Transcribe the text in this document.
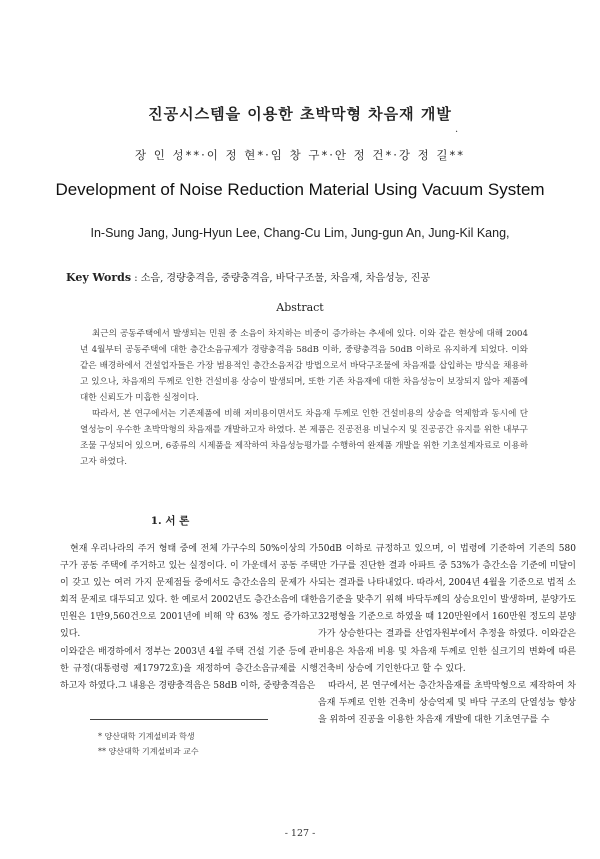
진공시스템을 이용한 초박막형 차음재 개발
·
장 인 성**·이 정 현*·임 창 구*·안 정 건*·강 정 길**
Development of Noise Reduction Material Using Vacuum System
In-Sung Jang, Jung-Hyun Lee, Chang-Cu Lim, Jung-gun An, Jung-Kil Kang,
Key Words : 소음, 경량충격음, 중량충격음, 바닥구조물, 차음재, 차음성능, 진공
Abstract

최근의 공동주택에서 발생되는 민원 중 소음이 차지하는 비중이 증가하는 추세에 있다. 이와 같은 현상에 대해 2004년 4월부터 공동주택에 대한 층간소음규제가 경량충격음 58dB 이하, 중량충격음 50dB 이하로 유지하게 되었다. 이와같은 배경하에서 건설업자들은 가장 범용적인 층간소음저감 방법으로서 바닥구조물에 차음재를 삽입하는 방식을 채용하고 있으나, 차음재의 두께로 인한 건설비용 상승이 발생되며, 또한 기존 차음재에 대한 차음성능이 보장되지 않아 제품에 대한 신뢰도가 미흡한 실정이다.

따라서, 본 연구에서는 기존제품에 비해 저비용이면서도 차음재 두께로 인한 건설비용의 상승을 억제함과 동시에 단열성능이 우수한 초박막형의 차음재를 개발하고자 하였다. 본 제품은 진공전용 비닐수지 및 진공공간 유지를 위한 내부구조물 구성되어 있으며, 6종류의 시제품을 제작하여 차음성능평가를 수행하여 완제품 개발을 위한 기초설계자료로 이용하고자 하였다.

1. 서 론

현재 우리나라의 주거 형태 중에 전체 가구수의 50%이상의 가구가 공동 주택에 주거하고 있는 실정이다. 이 가운데서 공동 주택이 갖고 있는 여러 가지 문제점들 중에서도 층간소음의 문제가 사회적 문제로 대두되고 있다. 한 예로서 2002년도 층간소음에 대한 민원은 1만9,560건으로 2001년에 비해 약 63% 정도 증가하고 있다.

이와같은 배경하에서 정부는 2003년 4월 주택 건설 기준 등에 관한 규정(대통령령 제17972호)을 재정하여 층간소음규제를 시행하고자 하였다.그 내용은 경량충격음은 58dB 이하, 중량충격음은

50dB 이하로 규정하고 있으며, 이 법령에 기준하여 기존의 580만 가구를 진단한 결과 아파트 중 53%가 층간소음 기준에 미달이 되는 결과를 나타내었다. 따라서, 2004년 4월을 기준으로 법적 소음기준을 맞추기 위해 바닥두께의 상승요인이 발생하며, 분양가도 32평형을 기준으로 하였을 때 120만원에서 160만원 정도의 분양가가 상승한다는 결과를 산업자원부에서 추정을 하였다. 이와같은 비용은 차음재 비용 및 차음재 두께로 인한 실크기의 변화에 따른 건축비 상승에 기인한다고 할 수 있다.

따라서, 본 연구에서는 층간차음재를 초박막형으로 제작하여 차음재 두께로 인한 건축비 상승억제 및 바닥 구조의 단열성능 향상을 위하여 진공을 이용한 차음재 개발에 대한 기초연구를 수

* 양산대학 기계설비과 학생
** 양산대학 기계설비과 교수
- 127 -
